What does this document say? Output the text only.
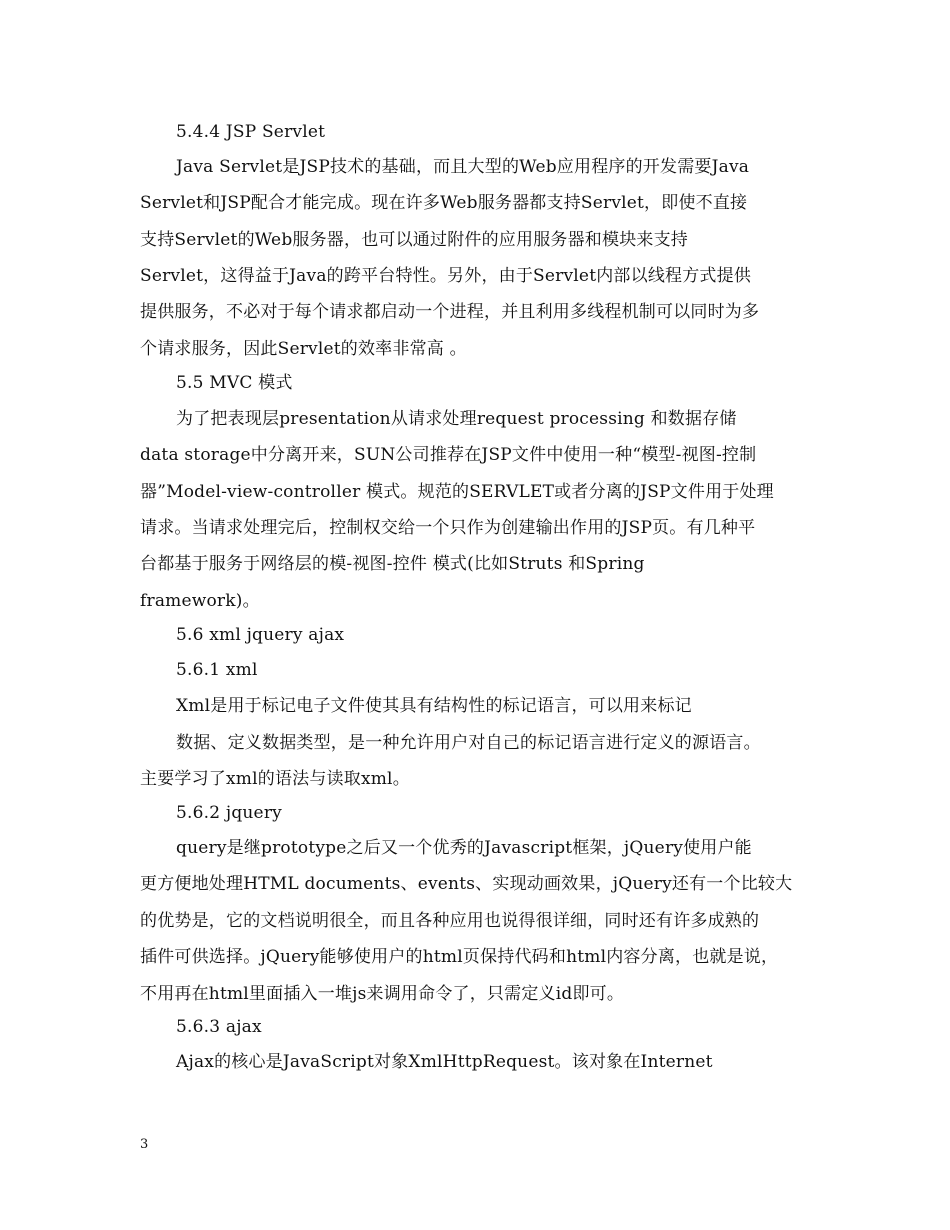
5.4.4 JSP Servlet
Java Servlet是JSP技术的基础，而且大型的Web应用程序的开发需要Java
Servlet和JSP配合才能完成。现在许多Web服务器都支持Servlet，即使不直接
支持Servlet的Web服务器，也可以通过附件的应用服务器和模块来支持
Servlet，这得益于Java的跨平台特性。另外，由于Servlet内部以线程方式提供
提供服务，不必对于每个请求都启动一个进程，并且利用多线程机制可以同时为多
个请求服务，因此Servlet的效率非常高 。
5.5 MVC 模式
为了把表现层presentation从请求处理request processing 和数据存储
data storage中分离开来，SUN公司推荐在JSP文件中使用一种“模型-视图-控制
器”Model-view-controller 模式。规范的SERVLET或者分离的JSP文件用于处理
请求。当请求处理完后，控制权交给一个只作为创建输出作用的JSP页。有几种平
台都基于服务于网络层的模-视图-控件 模式(比如Struts 和Spring
framework)。
5.6 xml jquery ajax
5.6.1 xml
Xml是用于标记电子文件使其具有结构性的标记语言，可以用来标记
数据、定义数据类型，是一种允许用户对自己的标记语言进行定义的源语言。
主要学习了xml的语法与读取xml。
5.6.2 jquery
query是继prototype之后又一个优秀的Javascript框架，jQuery使用户能
更方便地处理HTML documents、events、实现动画效果，jQuery还有一个比较大
的优势是，它的文档说明很全，而且各种应用也说得很详细，同时还有许多成熟的
插件可供选择。jQuery能够使用户的html页保持代码和html内容分离，也就是说，
不用再在html里面插入一堆js来调用命令了，只需定义id即可。
5.6.3 ajax
Ajax的核心是JavaScript对象XmlHttpRequest。该对象在Internet
3
